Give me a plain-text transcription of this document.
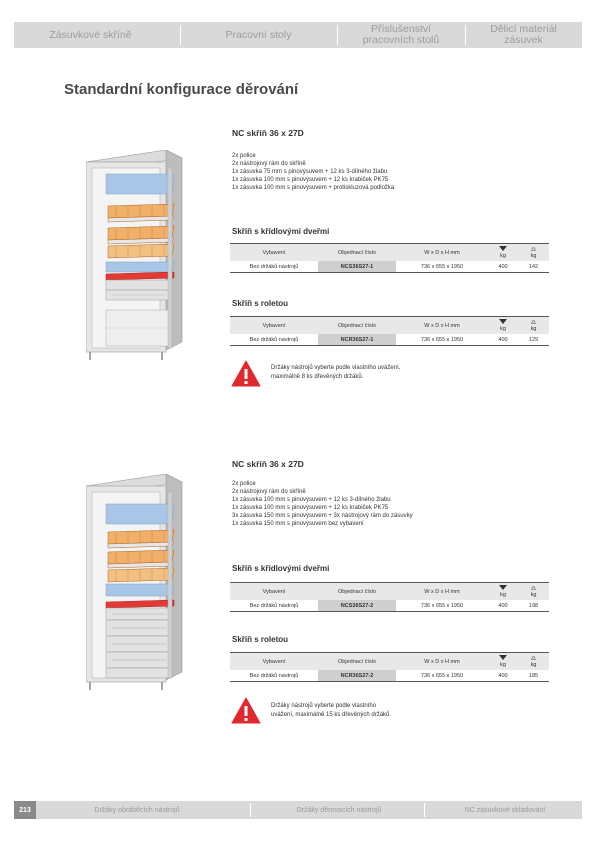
Zásuvkové skříně	Pracovní stoly	Příslušenství pracovních stolů
Dělicí materiál zásuvek
Standardní konfigurace děrování
NC skříň 36 x 27D
2x police
2x nástrojový rám do skříně
1x zásuvka 75 mm s pinovýsuvem + 12 ks 3-dílného žlabu
1x zásuvka 100 mm s pinovýsuvem + 12 ks krabiček PK75
1x zásuvka 100 mm s pinovýsuvem + protiskluzová podložka
Skříň s křídlovými dveřmi
Vybavení	Objednací číslo	W x D x H mm	kg	⚖
kg
Bez držáků nástrojů	NCS36S27-1	736 x 655 x 1950	400	142
Skříň s roletou
Vybavení	Objednací číslo	W x D x H mm	kg	⚖
kg
Bez držáků nástrojů	NCR36S27-1	736 x 655 x 1950	400	129
Držáky nástrojů vyberte podle vlastního uvážení,
maximálně 8 ks dřevěných držáků.
NC skříň 36 x 27D
2x police
2x nástrojový rám do skříně
1x zásuvka 100 mm s pinovýsuvem + 12 ks 3-dílného žlabu
1x zásuvka 100 mm s pinovýsuvem + 12 ks krabiček PK75
3x zásuvka 150 mm s pinovýsuvem + 3x nástrojový rám do zásuvky
1x zásuvka 150 mm s pinovýsuvem bez vybavení
Skříň s křídlovými dveřmi
Vybavení	Objednací číslo	W x D x H mm	kg	⚖
kg
Bez držáků nástrojů	NCS36S27-2	736 x 655 x 1950	400	198
Skříň s roletou
Vybavení	Objednací číslo	W x D x H mm	kg	⚖
kg
Bez držáků nástrojů	NCR36S27-2	736 x 655 x 1950	400	185
Držáky nástrojů vyberte podle vlastního
uvážení, maximálně 15 ks dřevěných držáků.
213	Držáky obráběcích nástrojů	Držáky děrovacích nástrojů	NC zásuvkové skladování
